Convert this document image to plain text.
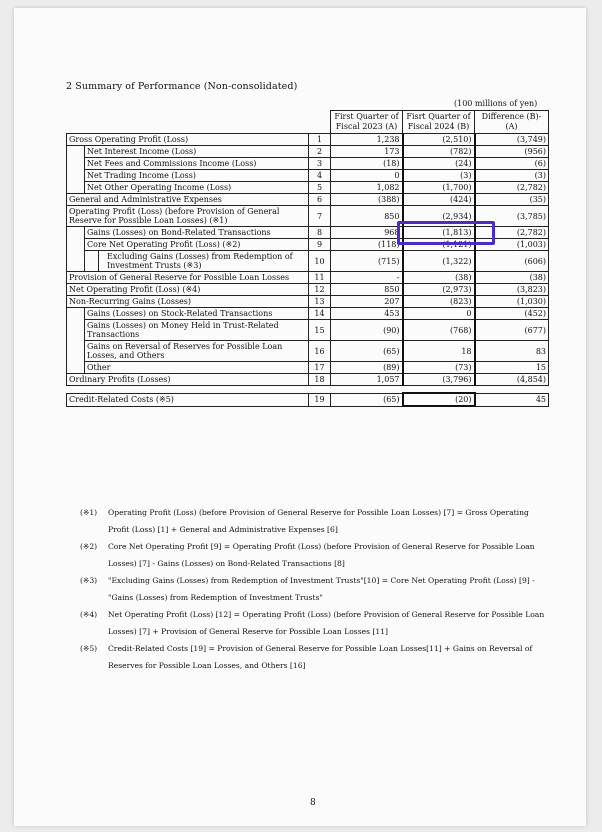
2 Summary of Performance (Non-consolidated)
(100 millions of yen)
				First Quarter of Fiscal 2023 (A)	Fisrt Quarter of Fiscal 2024 (B)	Difference (B)-(A)
Gross Operating Profit (Loss)			1	1,238	(2,510)	(3,749)
	Net Interest Income (Loss)		2	173	(782)	(956)
	Net Fees and Commissions Income (Loss)		3	(18)	(24)	(6)
	Net Trading Income (Loss)		4	0	(3)	(3)
	Net Other Operating Income (Loss)		5	1,082	(1,700)	(2,782)
General and Administrative Expenses			6	(388)	(424)	(35)
Operating Profit (Loss) (before Provision of General Reserve for Possible Loan Losses) (※1)			7	850	(2,934)	(3,785)
	Gains (Losses) on Bond-Related Transactions		8	968	(1,813)	(2,782)
	Core Net Operating Profit (Loss) (※2)		9	(118)	(1,121)	(1,003)
		Excluding Gains (Losses) from Redemption of Investment Trusts (※3)	10	(715)	(1,322)	(606)
Provision of General Reserve for Possible Loan Losses			11	-	(38)	(38)
Net Operating Profit (Loss) (※4)			12	850	(2,973)	(3,823)
Non-Recurring Gains (Losses)			13	207	(823)	(1,030)
	Gains (Losses) on Stock-Related Transactions		14	453	0	(452)
	Gains (Losses) on Money Held in Trust-Related Transactions		15	(90)	(768)	(677)
	Gains on Reversal of Reserves for Possible Loan Losses, and Others		16	(65)	18	83
	Other		17	(89)	(73)	15
Ordinary Profits (Losses)			18	1,057	(3,796)	(4,854)

Credit-Related Costs (※5)			19	(65)	(20)	45
(※1) Operating Profit (Loss) (before Provision of General Reserve for Possible Loan Losses) [7] = Gross Operating Profit (Loss) [1] + General and Administrative Expenses [6]
(※2) Core Net Operating Profit [9] = Operating Profit (Loss) (before Provision of General Reserve for Possible Loan Losses) [7] - Gains (Losses) on Bond-Related Transactions [8]
(※3) "Excluding Gains (Losses) from Redemption of Investment Trusts"[10] = Core Net Operating Profit (Loss) [9] - "Gains (Losses) from Redemption of Investment Trusts"
(※4) Net Operating Profit (Loss) [12] = Operating Profit (Loss) (before Provision of General Reserve for Possible Loan Losses) [7] + Provision of General Reserve for Possible Loan Losses [11]
(※5) Credit-Related Costs [19] = Provision of General Reserve for Possible Loan Losses[11] + Gains on Reversal of Reserves for Possible Loan Losses, and Others [16]
8
